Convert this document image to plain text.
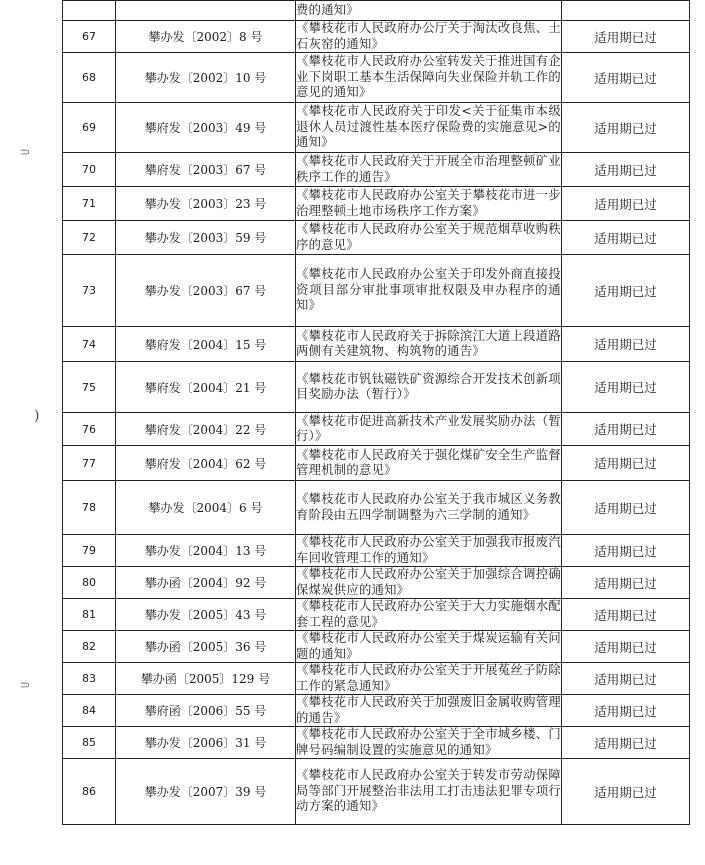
⸧
)
⸧
		费的通知》	
67	攀办发〔2002〕8 号	《攀枝花市人民政府办公厅关于淘汰改良焦、土石灰窑的通知》	适用期已过
68	攀办发〔2002〕10 号	《攀枝花市人民政府办公室转发关于推进国有企业下岗职工基本生活保障向失业保险并轨工作的意见的通知》	适用期已过
69	攀府发〔2003〕49 号	《攀枝花市人民政府关于印发<关于征集市本级退休人员过渡性基本医疗保险费的实施意见>的通知》	适用期已过
70	攀府发〔2003〕67 号	《攀枝花市人民政府关于开展全市治理整顿矿业秩序工作的通告》	适用期已过
71	攀办发〔2003〕23 号	《攀枝花市人民政府办公室关于攀枝花市进一步治理整顿土地市场秩序工作方案》	适用期已过
72	攀办发〔2003〕59 号	《攀枝花市人民政府办公室关于规范烟草收购秩序的意见》	适用期已过
73	攀办发〔2003〕67 号	《攀枝花市人民政府办公室关于印发外商直接投资项目部分审批事项审批权限及申办程序的通知》	适用期已过
74	攀府发〔2004〕15 号	《攀枝花市人民政府关于拆除滨江大道上段道路两侧有关建筑物、构筑物的通告》	适用期已过
75	攀府发〔2004〕21 号	《攀枝花市钒钛磁铁矿资源综合开发技术创新项目奖励办法（暂行）》	适用期已过
76	攀府发〔2004〕22 号	《攀枝花市促进高新技术产业发展奖励办法（暂行）》	适用期已过
77	攀府发〔2004〕62 号	《攀枝花市人民政府关于强化煤矿安全生产监督管理机制的意见》	适用期已过
78	攀办发〔2004〕6 号	《攀枝花市人民政府办公室关于我市城区义务教育阶段由五四学制调整为六三学制的通知》	适用期已过
79	攀办发〔2004〕13 号	《攀枝花市人民政府办公室关于加强我市报废汽车回收管理工作的通知》	适用期已过
80	攀办函〔2004〕92 号	《攀枝花市人民政府办公室关于加强综合调控确保煤炭供应的通知》	适用期已过
81	攀办发〔2005〕43 号	《攀枝花市人民政府办公室关于大力实施烟水配套工程的意见》	适用期已过
82	攀办函〔2005〕36 号	《攀枝花市人民政府办公室关于煤炭运输有关问题的通知》	适用期已过
83	攀办函〔2005〕129 号	《攀枝花市人民政府办公室关于开展菟丝子防除工作的紧急通知》	适用期已过
84	攀府函〔2006〕55 号	《攀枝花市人民政府关于加强废旧金属收购管理的通告》	适用期已过
85	攀办发〔2006〕31 号	《攀枝花市人民政府办公室关于全市城乡楼、门牌号码编制设置的实施意见的通知》	适用期已过
86	攀办发〔2007〕39 号	《攀枝花市人民政府办公室关于转发市劳动保障局等部门开展整治非法用工打击违法犯罪专项行动方案的通知》	适用期已过
